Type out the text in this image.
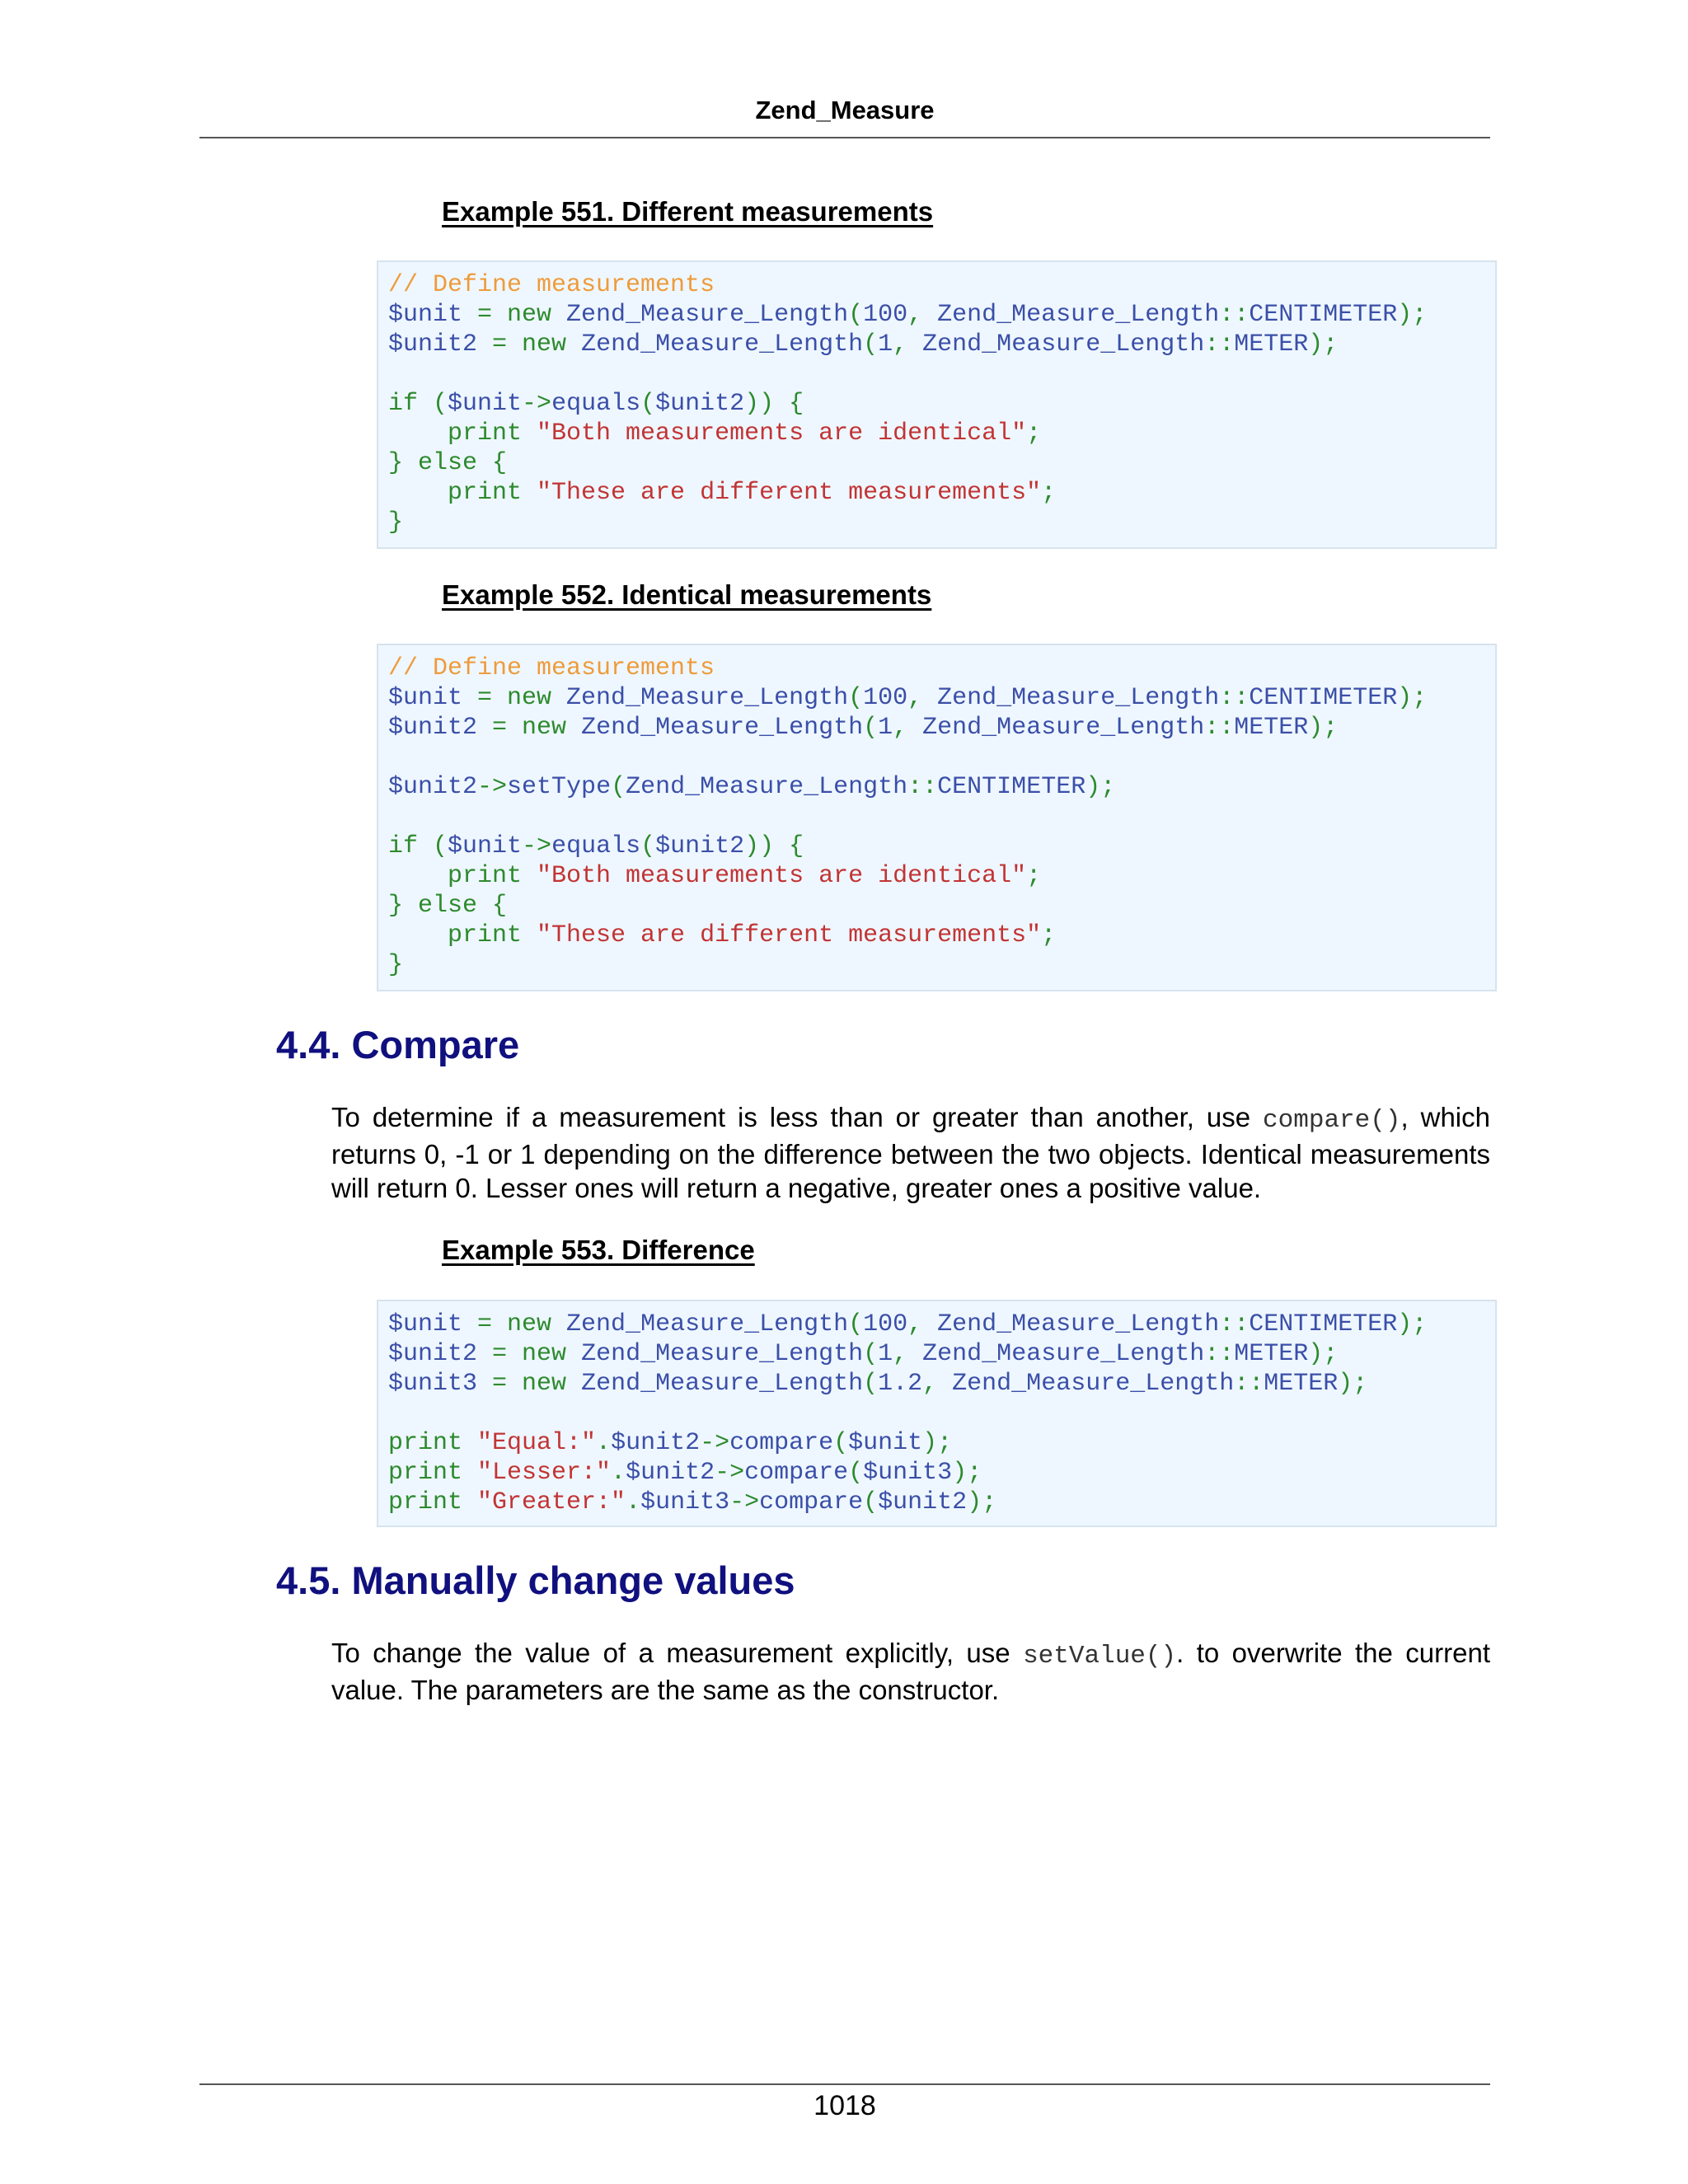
Zend_Measure
Example 551. Different measurements
// Define measurements
$unit = new Zend_Measure_Length(100, Zend_Measure_Length::CENTIMETER);
$unit2 = new Zend_Measure_Length(1, Zend_Measure_Length::METER);
if ($unit->equals($unit2)) {
print "Both measurements are identical";
} else {
print "These are different measurements";
}
Example 552. Identical measurements
// Define measurements
$unit = new Zend_Measure_Length(100, Zend_Measure_Length::CENTIMETER);
$unit2 = new Zend_Measure_Length(1, Zend_Measure_Length::METER);
$unit2->setType(Zend_Measure_Length::CENTIMETER);
if ($unit->equals($unit2)) {
print "Both measurements are identical";
} else {
print "These are different measurements";
}
4.4. Compare
To determine if a measurement is less than or greater than another, use compare(), which returns 0, -1 or 1 depending on the difference between the two objects. Identical measurements will return 0. Lesser ones will return a negative, greater ones a positive value.
Example 553. Difference
$unit = new Zend_Measure_Length(100, Zend_Measure_Length::CENTIMETER);
$unit2 = new Zend_Measure_Length(1, Zend_Measure_Length::METER);
$unit3 = new Zend_Measure_Length(1.2, Zend_Measure_Length::METER);
print "Equal:".$unit2->compare($unit);
print "Lesser:".$unit2->compare($unit3);
print "Greater:".$unit3->compare($unit2);
4.5. Manually change values
To change the value of a measurement explicitly, use setValue(). to overwrite the current value. The parameters are the same as the constructor.
1018
